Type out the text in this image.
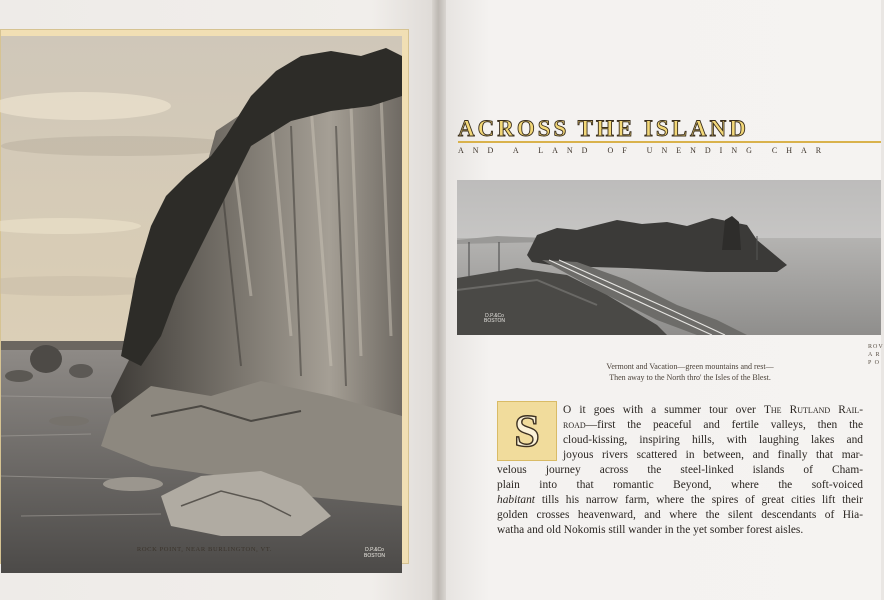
D.P.&Co
BOSTON
ROCK POINT, NEAR BURLINGTON, VT.
ACROSS THE ISLAND
AND A LAND OF UNENDING CHAR
D.P.&Co
BOSTON
Vermont and Vacation—green mountains and rest—
Then away to the North thro' the Isles of the Blest.
ROV
A R
P O
S	O it goes with a summer tour over The Rutland Rail-
road—first the peaceful and fertile valleys, then the
cloud-kissing, inspiring hills, with laughing lakes and
joyous rivers scattered in between, and finally that mar-
velous journey across the steel-linked islands of Cham-
plain into that romantic Beyond, where the soft-voiced
habitant tills his narrow farm, where the spires of great cities lift their
golden crosses heavenward, and where the silent descendants of Hia-
watha and old Nokomis still wander in the yet somber forest aisles.
